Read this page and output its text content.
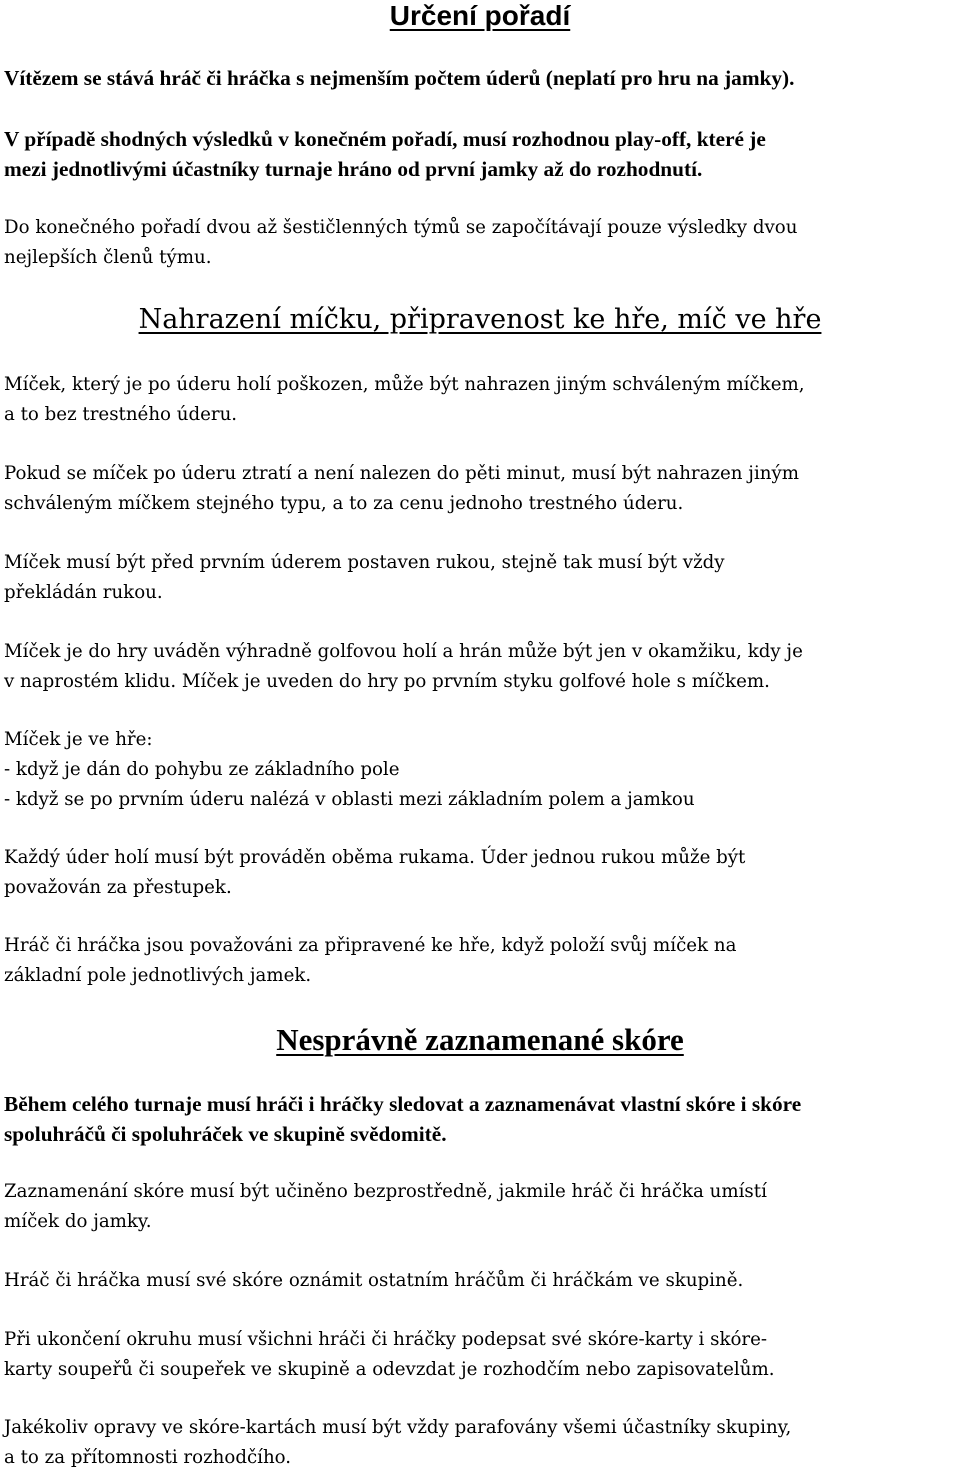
Určení pořadí

Vítězem se stává hráč či hráčka s nejmenším počtem úderů (neplatí pro hru na jamky).

V případě shodných výsledků v konečném pořadí, musí rozhodnou play-off, které je
mezi jednotlivými účastníky turnaje hráno od první jamky až do rozhodnutí.

Do konečného pořadí dvou až šestičlenných týmů se započítávají pouze výsledky dvou
nejlepších členů týmu.

Nahrazení míčku, připravenost ke hře, míč ve hře

Míček, který je po úderu holí poškozen, může být nahrazen jiným schváleným míčkem,
a to bez trestného úderu.

Pokud se míček po úderu ztratí a není nalezen do pěti minut, musí být nahrazen jiným
schváleným míčkem stejného typu, a to za cenu jednoho trestného úderu.

Míček musí být před prvním úderem postaven rukou, stejně tak musí být vždy
překládán rukou.

Míček je do hry uváděn výhradně golfovou holí a hrán může být jen v okamžiku, kdy je
v naprostém klidu. Míček je uveden do hry po prvním styku golfové hole s míčkem.

Míček je ve hře:
- když je dán do pohybu ze základního pole
- když se po prvním úderu nalézá v oblasti mezi základním polem a jamkou

Každý úder holí musí být prováděn oběma rukama. Úder jednou rukou může být
považován za přestupek.

Hráč či hráčka jsou považováni za připravené ke hře, když položí svůj míček na
základní pole jednotlivých jamek.

Nesprávně zaznamenané skóre

Během celého turnaje musí hráči i hráčky sledovat a zaznamenávat vlastní skóre i skóre
spoluhráčů či spoluhráček ve skupině svědomitě.

Zaznamenání skóre musí být učiněno bezprostředně, jakmile hráč či hráčka umístí
míček do jamky.

Hráč či hráčka musí své skóre oznámit ostatním hráčům či hráčkám ve skupině.

Při ukončení okruhu musí všichni hráči či hráčky podepsat své skóre-karty i skóre-
karty soupeřů či soupeřek ve skupině a odevzdat je rozhodčím nebo zapisovatelům.

Jakékoliv opravy ve skóre-kartách musí být vždy parafovány všemi účastníky skupiny,
a to za přítomnosti rozhodčího.
